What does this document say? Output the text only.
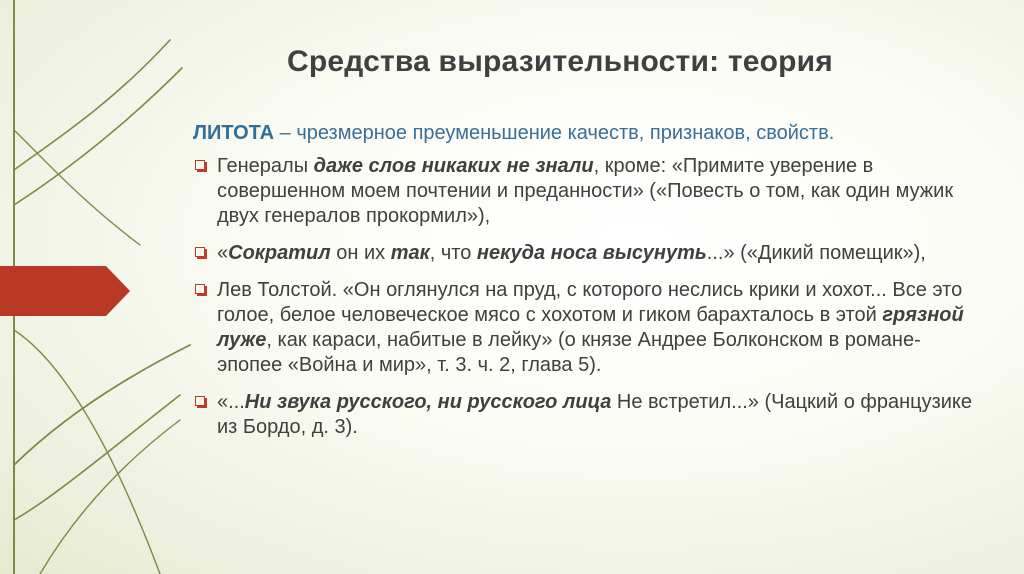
Средства выразительности: теория

ЛИТОТА – чрезмерное преуменьшение качеств, признаков, свойств.

Генералы даже слов никаких не знали, кроме: «Примите уверение в совершенном моем почтении и преданности» («Повесть о том, как один мужик двух генералов прокормил»),
«Сократил он их так, что некуда носа высунуть...» («Дикий помещик»),
Лев Толстой. «Он оглянулся на пруд, с которого неслись крики и хохот... Все это голое, белое человеческое мясо с хохотом и гиком барахталось в этой грязной луже, как караси, набитые в лейку» (о князе Андрее Болконском в романе-эпопее «Война и мир», т. 3. ч. 2, глава 5).
«...Ни звука русского, ни русского лица Не встретил...» (Чацкий о французике из Бордо, д. 3).
